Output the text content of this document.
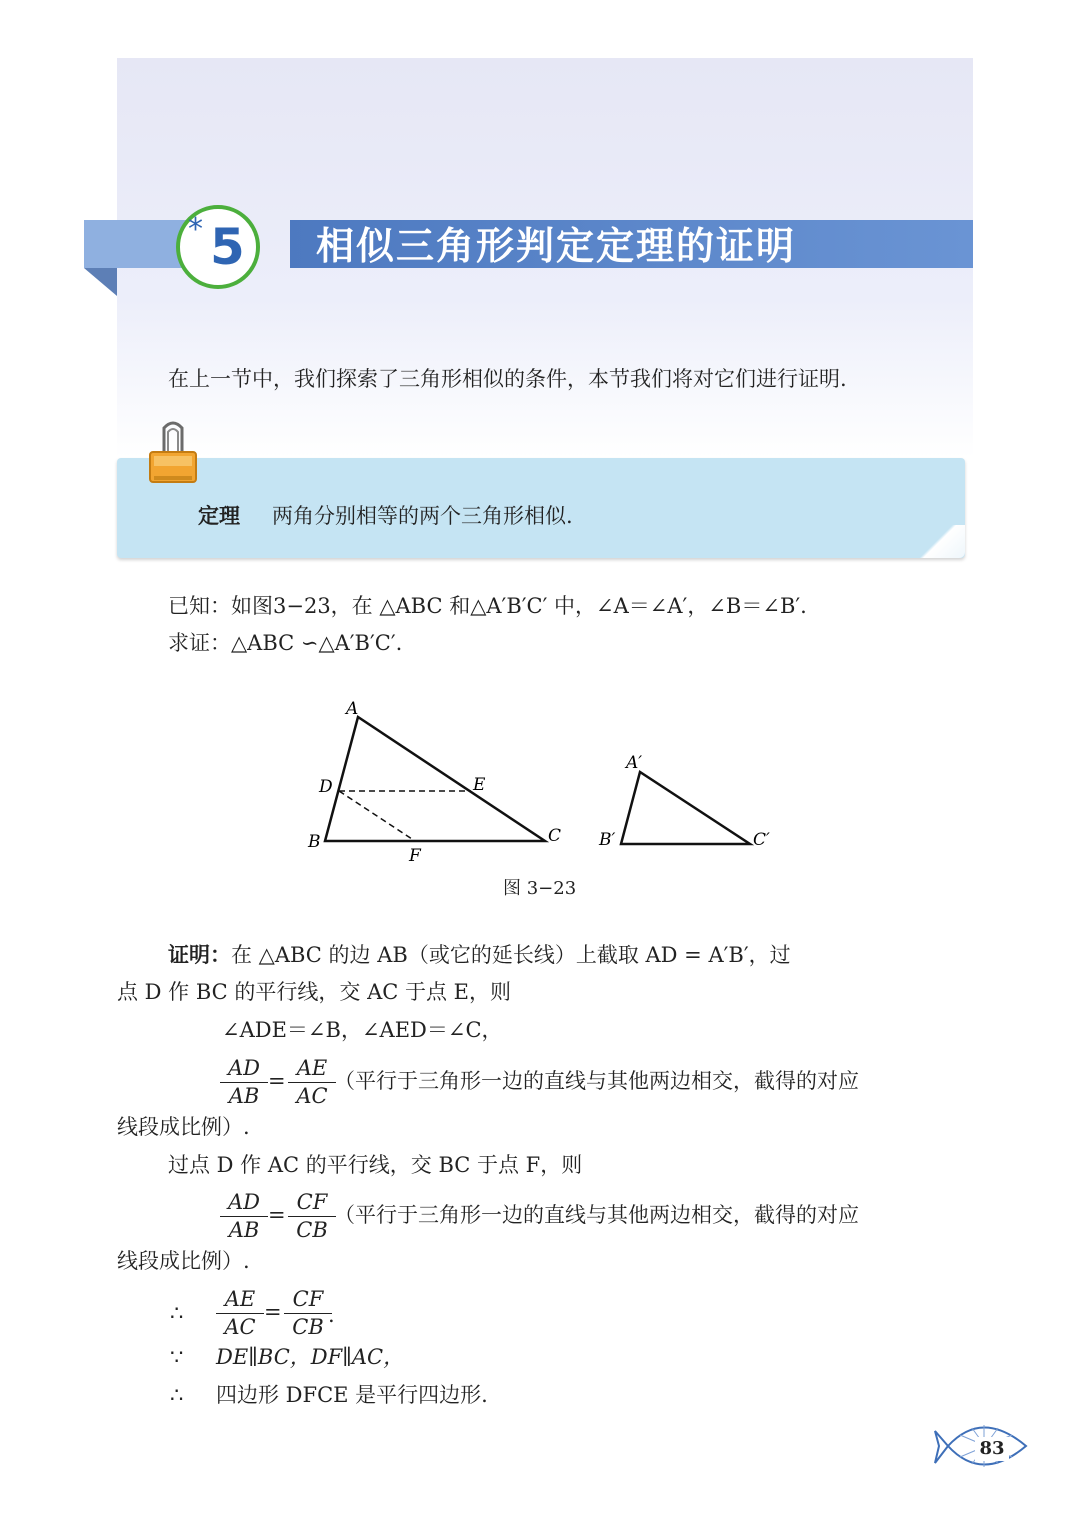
相似三角形判定定理的证明
* 5
在上一节中，我们探索了三角形相似的条件，本节我们将对它们进行证明.
定理 两角分别相等的两个三角形相似.
已知：如图3−23，在 △ABC 和△A′B′C′ 中，∠A＝∠A′，∠B＝∠B′.
求证：△ABC ∽△A′B′C′.
A
D	E
B	C
F
A′
B′	C′
图 3−23
证明：在 △ABC 的边 AB（或它的延长线）上截取 AD = A′B′，过
点 D 作 BC 的平行线，交 AC 于点 E，则
∠ADE＝∠B，∠AED＝∠C，
$\frac{AD}{AB} = \frac{AE}{AC}$
（平行于三角形一边的直线与其他两边相交，截得的对应
线段成比例）.
过点 D 作 AC 的平行线，交 BC 于点 F，则
$\frac{AD}{AB} = \frac{CF}{CB}$
（平行于三角形一边的直线与其他两边相交，截得的对应
线段成比例）.
∴ $\frac{AE}{AC} = \frac{CF}{CB}$
.
∵ DE∥BC，DF∥AC，
∴ 四边形 DFCE 是平行四边形.
83
